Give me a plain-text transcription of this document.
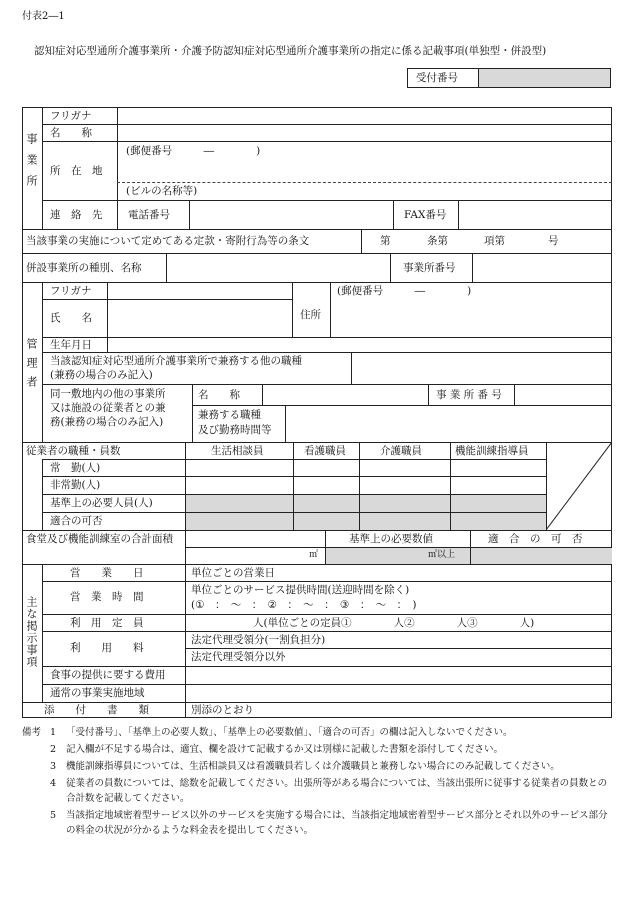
付表2―1
認知症対応型通所介護事業所・介護予防認知症対応型通所介護事業所の指定に係る記載事項(単独型・併設型)
受付番号
事業所
フリガナ
名　　称
所　在　地
(郵便番号　　　―　　　　)
(ビルの名称等)
連　絡　先 電話番号	FAX番号
当該事業の実施について定めてある定款・寄附行為等の条文	第	条第	項第	号
併設事業所の種別、名称	事業所番号
管理者
フリガナ
氏　　名
生年月日
住所
(郵便番号　　　―　　　　)
当該認知症対応型通所介護事業所で兼務する他の職種
(兼務の場合のみ記入)
同一敷地内の他の事業所
又は施設の従業者との兼
務(兼務の場合のみ記入)
名　　称	事 業 所 番 号
兼務する職種
及び勤務時間等
従業者の職種・員数	生活相談員	看護職員	介護職員	機能訓練指導員
常　勤(人)
非常勤(人)
基準上の必要人員(人)
適合の可否
食堂及び機能訓練室の合計面積	基準上の必要数値	適　合　の　可　否
㎡	㎡以上
主な掲示事項
営　　業　　日	単位ごとの営業日
営　業　時　間
単位ごとのサービス提供時間(送迎時間を除く)
(①　：　～　：　②　：　～　：　③　：　～　：　)
利　用　定　員	人(単位ごとの定員①　　　　人②　　　　人③　　　　人)
利　　用　　料
法定代理受領分(一割負担分)
法定代理受領分以外
食事の提供に要する費用
通常の事業実施地域
添　　付　　書　　類	別添のとおり
備考 1 「受付番号」、「基準上の必要人数」、「基準上の必要数値」、「適合の可否」の欄は記入しないでください。
2 記入欄が不足する場合は、適宜、欄を設けて記載するか又は別様に記載した書類を添付してください。
3 機能訓練指導員については、生活相談員又は看護職員若しくは介護職員と兼務しない場合にのみ記載してください。
4 従業者の員数については、総数を記載してください。出張所等がある場合については、当該出張所に従事する従業者の員数との合計数を記載してください。
5 当該指定地域密着型サービス以外のサービスを実施する場合には、当該指定地域密着型サービス部分とそれ以外のサービス部分の料金の状況が分かるような料金表を提出してください。
